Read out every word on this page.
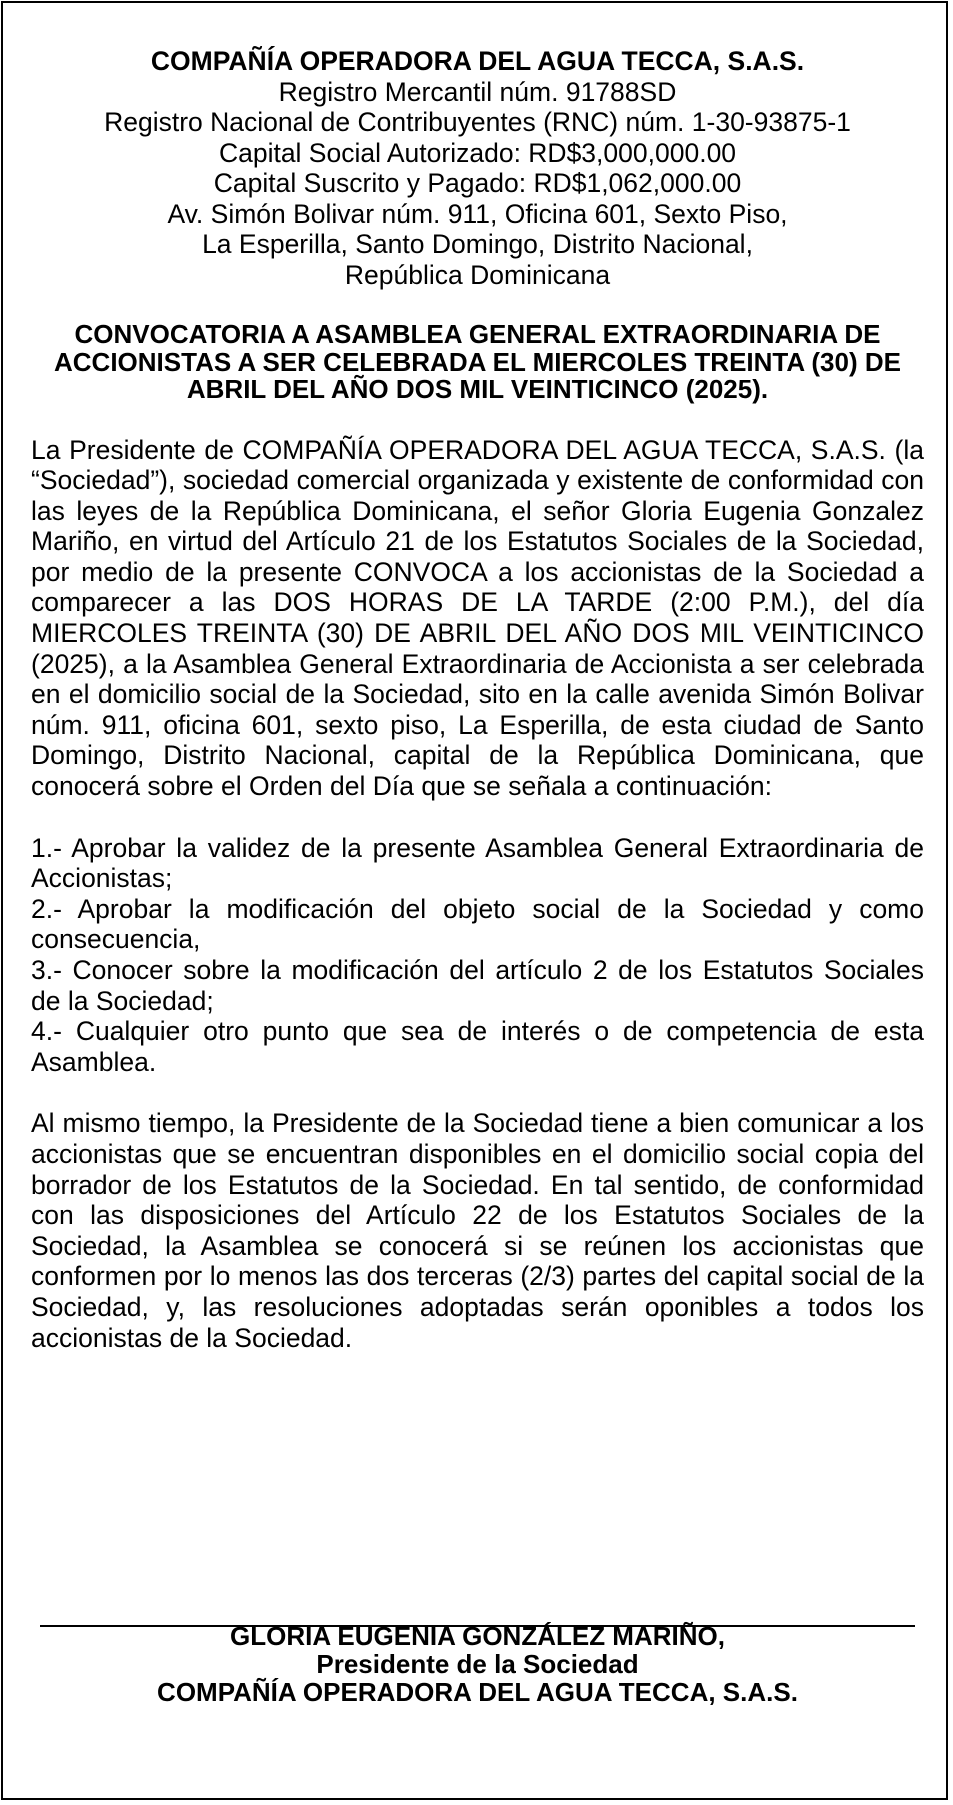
COMPAÑÍA OPERADORA DEL AGUA TECCA, S.A.S.
Registro Mercantil núm. 91788SD
Registro Nacional de Contribuyentes (RNC) núm. 1-30-93875-1
Capital Social Autorizado: RD$3,000,000.00
Capital Suscrito y Pagado: RD$1,062,000.00
Av. Simón Bolivar núm. 911, Oficina 601, Sexto Piso,
La Esperilla, Santo Domingo, Distrito Nacional,
República Dominicana
CONVOCATORIA A ASAMBLEA GENERAL EXTRAORDINARIA DE ACCIONISTAS A SER CELEBRADA EL MIERCOLES TREINTA (30) DE ABRIL DEL AÑO DOS MIL VEINTICINCO (2025).
La Presidente de COMPAÑÍA OPERADORA DEL AGUA TECCA, S.A.S. (la “Sociedad”), sociedad comercial organizada y existente de conformidad con las leyes de la República Dominicana, el señor Gloria Eugenia Gonzalez Mariño, en virtud del Artículo 21 de los Estatutos Sociales de la Sociedad, por medio de la presente CONVOCA a los accionistas de la Sociedad a comparecer a las DOS HORAS DE LA TARDE (2:00 P.M.), del día MIERCOLES TREINTA (30) DE ABRIL DEL AÑO DOS MIL VEINTICINCO (2025), a la Asamblea General Extraordinaria de Accionista a ser celebrada en el domicilio social de la Sociedad, sito en la calle avenida Simón Bolivar núm. 911, oficina 601, sexto piso, La Esperilla, de esta ciudad de Santo Domingo, Distrito Nacional, capital de la República Dominicana, que conocerá sobre el Orden del Día que se señala a continuación:
1.- Aprobar la validez de la presente Asamblea General Extraordinaria de Accionistas;
2.- Aprobar la modificación del objeto social de la Sociedad y como consecuencia,
3.- Conocer sobre la modificación del artículo 2 de los Estatutos Sociales de la Sociedad;
4.- Cualquier otro punto que sea de interés o de competencia de esta Asamblea.
Al mismo tiempo, la Presidente de la Sociedad tiene a bien comunicar a los accionistas que se encuentran disponibles en el domicilio social copia del borrador de los Estatutos de la Sociedad. En tal sentido, de conformidad con las disposiciones del Artículo 22 de los Estatutos Sociales de la Sociedad, la Asamblea se conocerá si se reúnen los accionistas que conformen por lo menos las dos terceras (2/3) partes del capital social de la Sociedad, y, las resoluciones adoptadas serán oponibles a todos los accionistas de la Sociedad.
GLORIA EUGENIA GONZÁLEZ MARIÑO,
Presidente de la Sociedad
COMPAÑÍA OPERADORA DEL AGUA TECCA, S.A.S.
